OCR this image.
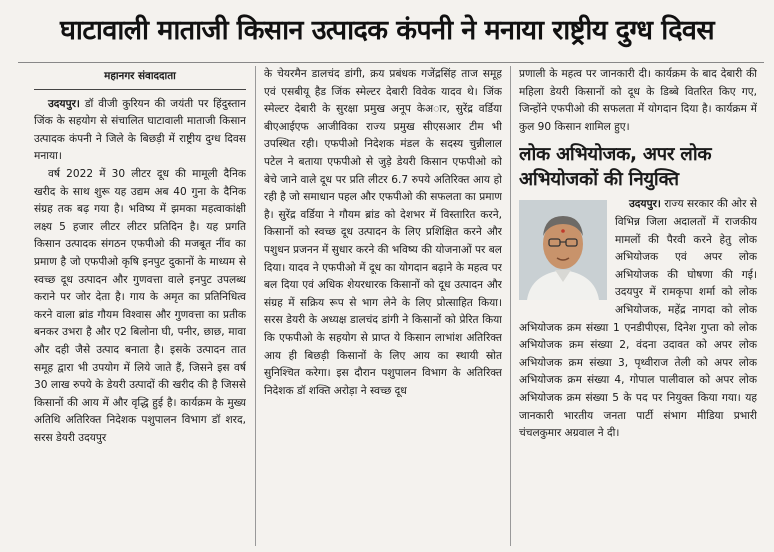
घाटावाली माताजी किसान उत्पादक कंपनी ने मनाया राष्ट्रीय दुग्ध दिवस
महानगर संवाददाता

उदयपुर। डॉ वीजी कुरियन की जयंती पर हिंदुस्तान जिंक के सहयोग से संचालित घाटावाली माताजी किसान उत्पादक कंपनी ने जिले के बिछड़ी में राष्ट्रीय दुग्ध दिवस मनाया।

वर्ष 2022 में 30 लीटर दूध की मामूली दैनिक खरीद के साथ शुरू यह उद्यम अब 40 गुना के दैनिक संग्रह तक बढ़ गया है। भविष्य में झमका महत्वाकांक्षी लक्ष्य 5 हजार लीटर लीटर प्रतिदिन है। यह प्रगति किसान उत्पादक संगठन एफपीओ की मजबूत नींव का प्रमाण है जो एफपीओ कृषि इनपुट दुकानों के माध्यम से स्वच्छ दूध उत्पादन और गुणवत्ता वाले इनपुट उपलब्ध कराने पर जोर देता है। गाय के अमृत का प्रतिनिधित्व करने वाला ब्रांड गौयम विश्वास और गुणवत्ता का प्रतीक बनकर उभरा है और ए2 बिलोना घी, पनीर, छाछ, मावा और दही जैसे उत्पाद बनाता है। इसके उत्पादन तात समूह द्वारा भी उपयोग में लिये जाते हैं, जिसने इस वर्ष 30 लाख रुपये के डेयरी उत्पादों की खरीद की है जिससे किसानों की आय में और वृद्धि हुई है। कार्यक्रम के मुख्य अतिथि अतिरिक्त निदेशक पशुपालन विभाग डॉ शरद, सरस डेयरी उदयपुर

के चेयरमैन डालचंद डांगी, क्रय प्रबंधक गजेंद्रसिंह ताज समूह एवं एसबीयू हैड जिंक स्मेल्टर देबारी विवेक यादव थे। जिंक स्मेल्टर देबारी के सुरक्षा प्रमुख अनूप केअार, सुरेंद्र वर्डिया बीएआईएफ आजीविका राज्य प्रमुख सीएसआर टीम भी उपस्थित रही। एफपीओ निदेशक मंडल के सदस्य चुन्नीलाल पटेल ने बताया एफपीओ से जुड़े डेयरी किसान एफपीओ को बेचे जाने वाले दूध पर प्रति लीटर 6.7 रुपये अतिरिक्त आय हो रही है जो समाधान पहल और एफपीओ की सफलता का प्रमाण है। सुरेंद्र वर्डिया ने गौयम ब्रांड को देशभर में विस्तारित करने, किसानों को स्वच्छ दूध उत्पादन के लिए प्रशिक्षित करने और पशुधन प्रजनन में सुधार करने की भविष्य की योजनाओं पर बल दिया। यादव ने एफपीओ में दूध का योगदान बढ़ाने के महत्व पर बल दिया एवं अधिक शेयरधारक किसानों को दूध उत्पादन और संग्रह में सक्रिय रूप से भाग लेने के लिए प्रोत्साहित किया। सरस डेयरी के अध्यक्ष डालचंद डांगी ने किसानों को प्रेरित किया कि एफपीओ के सहयोग से प्राप्त ये किसान लाभांश अतिरिक्त आय ही बिछड़ी किसानों के लिए आय का स्थायी स्रोत सुनिश्चित करेगा। इस दौरान पशुपालन विभाग के अतिरिक्त निदेशक डॉ शक्ति अरोड़ा ने स्वच्छ दूध

प्रणाली के महत्व पर जानकारी दी। कार्यक्रम के बाद देबारी की महिला डेयरी किसानों को दूध के डिब्बे वितरित किए गए, जिन्होंने एफपीओ की सफलता में योगदान दिया है। कार्यक्रम में कुल 90 किसान शामिल हुए।

लोक अभियोजक, अपर लोक अभियोजकों की नियुक्ति

उदयपुर। राज्य सरकार की ओर से विभिन्न जिला अदालतों में राजकीय मामलों की पैरवी करने हेतु लोक अभियोजक एवं अपर लोक अभियोजक की घोषणा की गई। उदयपुर में रामकृपा शर्मा को लोक अभियोजक, महेंद्र नागदा को लोक अभियोजक क्रम संख्या 1 एनडीपीएस, दिनेश गुप्ता को लोक अभियोजक क्रम संख्या 2, वंदना उदावत को अपर लोक अभियोजक क्रम संख्या 3, पृथ्वीराज तेली को अपर लोक अभियोजक क्रम संख्या 4, गोपाल पालीवाल को अपर लोक अभियोजक क्रम संख्या 5 के पद पर नियुक्त किया गया। यह जानकारी भारतीय जनता पार्टी संभाग मीडिया प्रभारी चंचलकुमार अग्रवाल ने दी।
